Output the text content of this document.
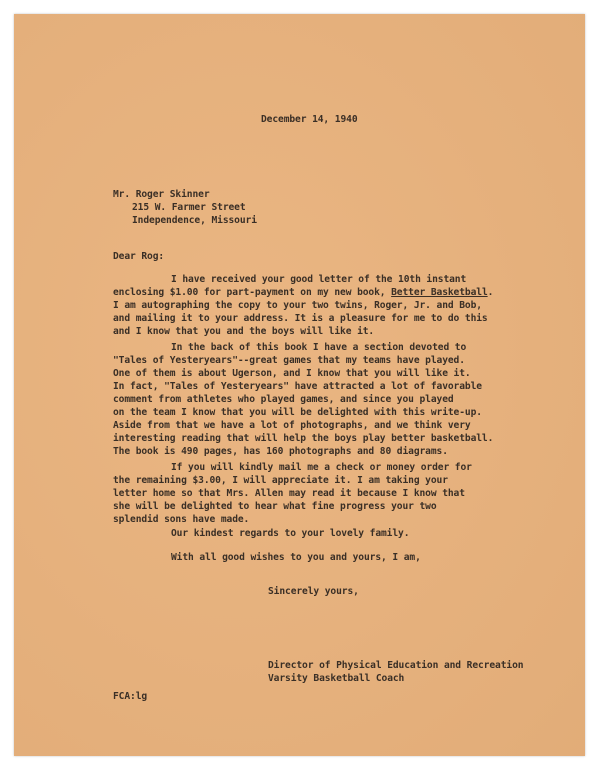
December 14, 1940
Mr. Roger Skinner
215 W. Farmer Street
Independence, Missouri
Dear Rog:
I have received your good letter of the 10th instant
enclosing $1.00 for part-payment on my new book, Better Basketball.
I am autographing the copy to your two twins, Roger, Jr. and Bob,
and mailing it to your address. It is a pleasure for me to do this
and I know that you and the boys will like it.
In the back of this book I have a section devoted to
"Tales of Yesteryears"--great games that my teams have played.
One of them is about Ugerson, and I know that you will like it.
In fact, "Tales of Yesteryears" have attracted a lot of favorable
comment from athletes who played games, and since you played
on the team I know that you will be delighted with this write-up.
Aside from that we have a lot of photographs, and we think very
interesting reading that will help the boys play better basketball.
The book is 490 pages, has 160 photographs and 80 diagrams.
If you will kindly mail me a check or money order for
the remaining $3.00, I will appreciate it. I am taking your
letter home so that Mrs. Allen may read it because I know that
she will be delighted to hear what fine progress your two
splendid sons have made.
Our kindest regards to your lovely family.
With all good wishes to you and yours, I am,
Sincerely yours,
Director of Physical Education and Recreation
Varsity Basketball Coach
FCA:lg
